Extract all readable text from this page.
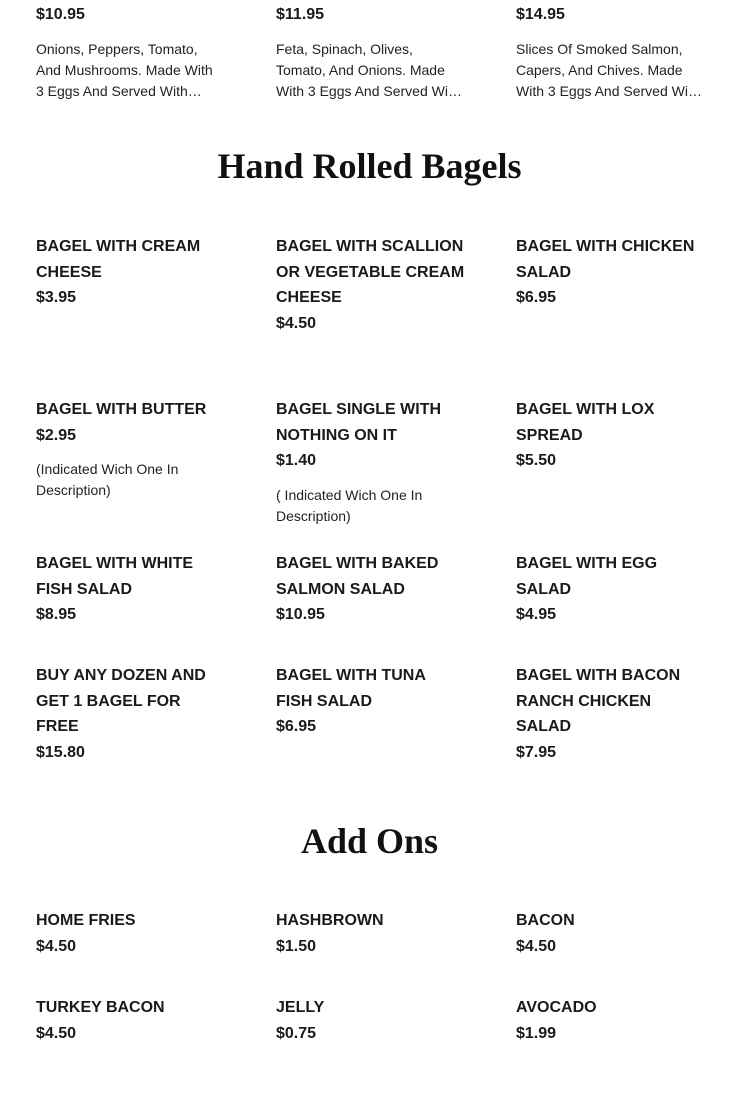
$10.95
Onions, Peppers, Tomato, And Mushrooms. Made With 3 Eggs And Served With…
$11.95
Feta, Spinach, Olives, Tomato, And Onions. Made With 3 Eggs And Served Wi…
$14.95
Slices Of Smoked Salmon, Capers, And Chives. Made With 3 Eggs And Served Wi…
Hand Rolled Bagels
BAGEL WITH CREAM CHEESE
$3.95
BAGEL WITH SCALLION OR VEGETABLE CREAM CHEESE
$4.50
BAGEL WITH CHICKEN SALAD
$6.95
BAGEL WITH BUTTER
$2.95
(Indicated Wich One In Description)
BAGEL SINGLE WITH NOTHING ON IT
$1.40
( Indicated Wich One In Description)
BAGEL WITH LOX SPREAD
$5.50
BAGEL WITH WHITE FISH SALAD
$8.95
BAGEL WITH BAKED SALMON SALAD
$10.95
BAGEL WITH EGG SALAD
$4.95
BUY ANY DOZEN AND GET 1 BAGEL FOR FREE
$15.80
BAGEL WITH TUNA FISH SALAD
$6.95
BAGEL WITH BACON RANCH CHICKEN SALAD
$7.95
Add Ons
HOME FRIES
$4.50
HASHBROWN
$1.50
BACON
$4.50
TURKEY BACON
$4.50
JELLY
$0.75
AVOCADO
$1.99
